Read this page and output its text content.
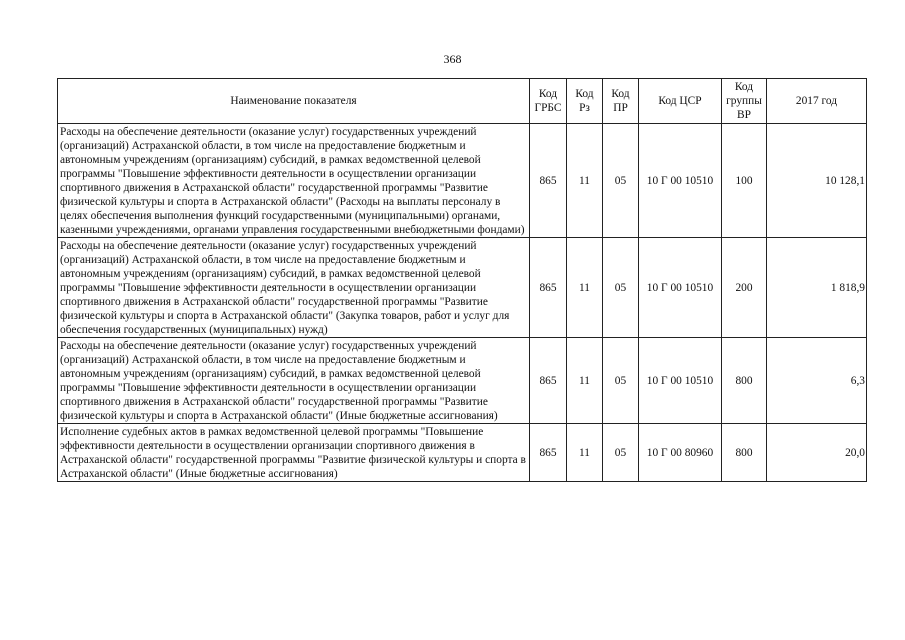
368
Наименование показателя	Код ГРБС	Код Рз	Код ПР	Код ЦСР	Код группы ВР	2017 год
Расходы на обеспечение деятельности (оказание услуг) государственных учреждений (организаций) Астраханской области, в том числе на предоставление бюджетным и автономным учреждениям (организациям) субсидий, в рамках ведомственной целевой программы "Повышение эффективности деятельности в осуществлении организации спортивного движения в Астраханской области" государственной программы "Развитие физической культуры и спорта в Астраханской области" (Расходы на выплаты персоналу в целях обеспечения выполнения функций государственными (муниципальными) органами, казенными учреждениями, органами управления государственными внебюджетными фондами)	865	11	05	10 Г 00 10510	100	10 128,1
Расходы на обеспечение деятельности (оказание услуг) государственных учреждений (организаций) Астраханской области, в том числе на предоставление бюджетным и автономным учреждениям (организациям) субсидий, в рамках ведомственной целевой программы "Повышение эффективности деятельности в осуществлении организации спортивного движения в Астраханской области" государственной программы "Развитие физической культуры и спорта в Астраханской области" (Закупка товаров, работ и услуг для обеспечения государственных (муниципальных) нужд)	865	11	05	10 Г 00 10510	200	1 818,9
Расходы на обеспечение деятельности (оказание услуг) государственных учреждений (организаций) Астраханской области, в том числе на предоставление бюджетным и автономным учреждениям (организациям) субсидий, в рамках ведомственной целевой программы "Повышение эффективности деятельности в осуществлении организации спортивного движения в Астраханской области" государственной программы "Развитие физической культуры и спорта в Астраханской области" (Иные бюджетные ассигнования)	865	11	05	10 Г 00 10510	800	6,3
Исполнение судебных актов в рамках ведомственной целевой программы "Повышение эффективности деятельности в осуществлении организации спортивного движения в Астраханской области" государственной программы "Развитие физической культуры и спорта в Астраханской области" (Иные бюджетные ассигнования)	865	11	05	10 Г 00 80960	800	20,0
